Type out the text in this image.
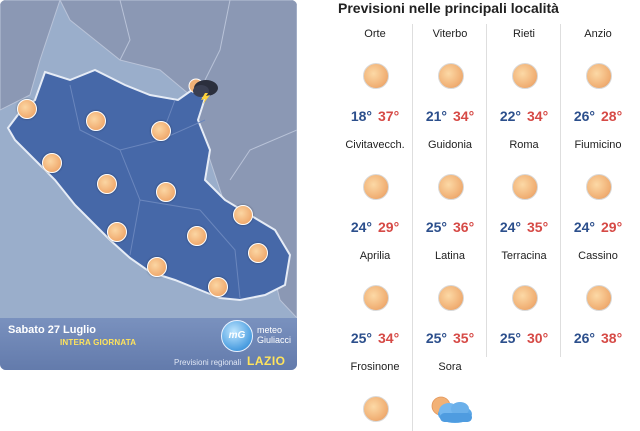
Sabato 27 Luglio
INTERA GIORNATA
Previsioni regionali LAZIO
mG	meteo
Giuliacci
Previsioni nelle principali località
Orte
18° 37°
Viterbo
21° 34°
Rieti
22° 34°
Anzio
26° 28°
Civitavecch.
24° 29°
Guidonia
25° 36°
Roma
24° 35°
Fiumicino
24° 29°
Aprilia
25° 34°
Latina
25° 35°
Terracina
25° 30°
Cassino
26° 38°
Frosinone	Sora
